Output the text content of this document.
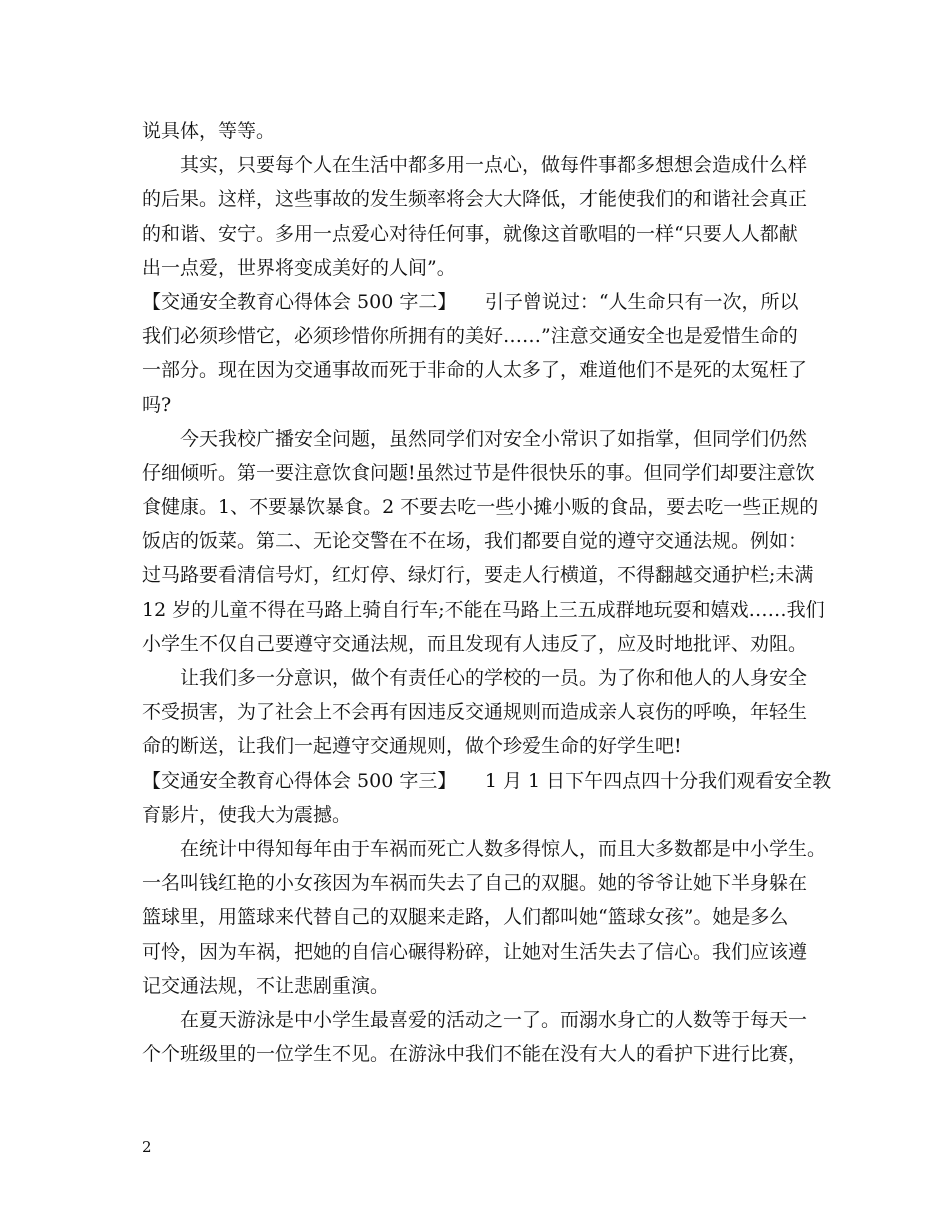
说具体，等等。
其实，只要每个人在生活中都多用一点心，做每件事都多想想会造成什么样
的后果。这样，这些事故的发生频率将会大大降低，才能使我们的和谐社会真正
的和谐、安宁。多用一点爱心对待任何事，就像这首歌唱的一样“只要人人都献
出一点爱，世界将变成美好的人间”。
【交通安全教育心得体会 500 字二】　　引子曾说过：“人生命只有一次，所以
我们必须珍惜它，必须珍惜你所拥有的美好……”注意交通安全也是爱惜生命的
一部分。现在因为交通事故而死于非命的人太多了，难道他们不是死的太冤枉了
吗?
今天我校广播安全问题，虽然同学们对安全小常识了如指掌，但同学们仍然
仔细倾听。第一要注意饮食问题!虽然过节是件很快乐的事。但同学们却要注意饮
食健康。1、不要暴饮暴食。2 不要去吃一些小摊小贩的食品，要去吃一些正规的
饭店的饭菜。第二、无论交警在不在场，我们都要自觉的遵守交通法规。例如：
过马路要看清信号灯，红灯停、绿灯行，要走人行横道，不得翻越交通护栏;未满
12 岁的儿童不得在马路上骑自行车;不能在马路上三五成群地玩耍和嬉戏……我们
小学生不仅自己要遵守交通法规，而且发现有人违反了，应及时地批评、劝阻。
让我们多一分意识，做个有责任心的学校的一员。为了你和他人的人身安全
不受损害，为了社会上不会再有因违反交通规则而造成亲人哀伤的呼唤，年轻生
命的断送，让我们一起遵守交通规则，做个珍爱生命的好学生吧!
【交通安全教育心得体会 500 字三】　　1 月 1 日下午四点四十分我们观看安全教
育影片，使我大为震撼。
在统计中得知每年由于车祸而死亡人数多得惊人，而且大多数都是中小学生。
一名叫钱红艳的小女孩因为车祸而失去了自己的双腿。她的爷爷让她下半身躲在
篮球里，用篮球来代替自己的双腿来走路，人们都叫她“篮球女孩”。她是多么
可怜，因为车祸，把她的自信心碾得粉碎，让她对生活失去了信心。我们应该遵
记交通法规，不让悲剧重演。
在夏天游泳是中小学生最喜爱的活动之一了。而溺水身亡的人数等于每天一
个个班级里的一位学生不见。在游泳中我们不能在没有大人的看护下进行比赛，
2
